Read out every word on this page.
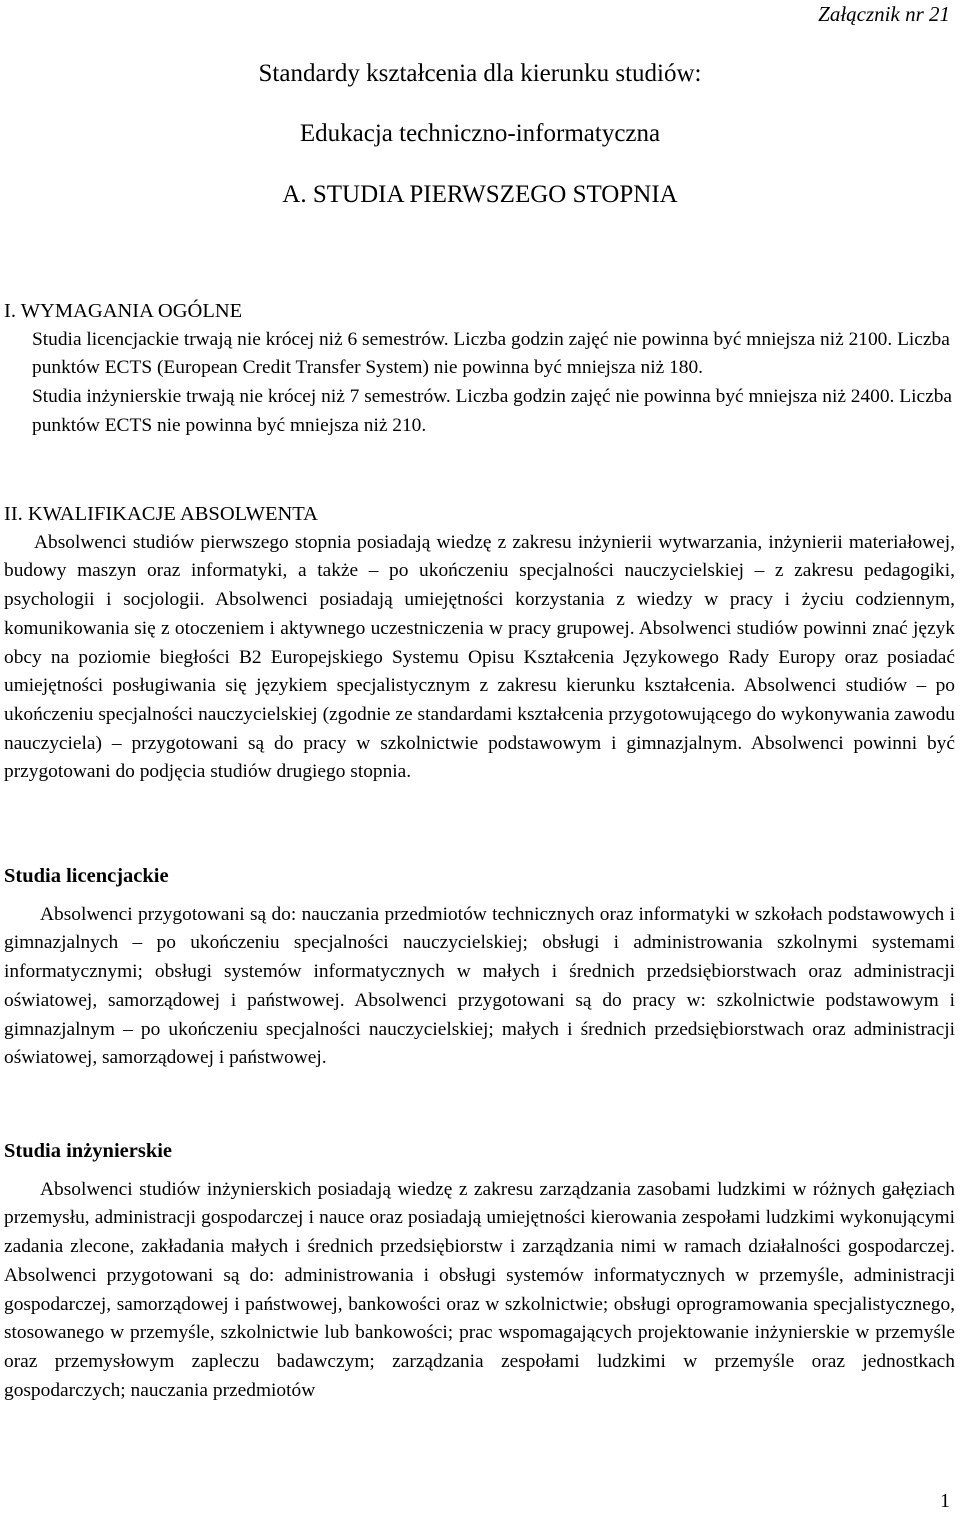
Załącznik nr 21
Standardy kształcenia dla kierunku studiów:
Edukacja techniczno-informatyczna
A. STUDIA PIERWSZEGO STOPNIA

I. WYMAGANIA OGÓLNE

Studia licencjackie trwają nie krócej niż 6 semestrów. Liczba godzin zajęć nie powinna być mniejsza niż 2100. Liczba punktów ECTS (European Credit Transfer System) nie powinna być mniejsza niż 180.

Studia inżynierskie trwają nie krócej niż 7 semestrów. Liczba godzin zajęć nie powinna być mniejsza niż 2400. Liczba punktów ECTS nie powinna być mniejsza niż 210.

II. KWALIFIKACJE ABSOLWENTA

Absolwenci studiów pierwszego stopnia posiadają wiedzę z zakresu inżynierii wytwarzania, inżynierii materiałowej, budowy maszyn oraz informatyki, a także – po ukończeniu specjalności nauczycielskiej – z zakresu pedagogiki, psychologii i socjologii. Absolwenci posiadają umiejętności korzystania z wiedzy w pracy i życiu codziennym, komunikowania się z otoczeniem i aktywnego uczestniczenia w pracy grupowej. Absolwenci studiów powinni znać język obcy na poziomie biegłości B2 Europejskiego Systemu Opisu Kształcenia Językowego Rady Europy oraz posiadać umiejętności posługiwania się językiem specjalistycznym z zakresu kierunku kształcenia. Absolwenci studiów – po ukończeniu specjalności nauczycielskiej (zgodnie ze standardami kształcenia przygotowującego do wykonywania zawodu nauczyciela) – przygotowani są do pracy w szkolnictwie podstawowym i gimnazjalnym. Absolwenci powinni być przygotowani do podjęcia studiów drugiego stopnia.

Studia licencjackie

Absolwenci przygotowani są do: nauczania przedmiotów technicznych oraz informatyki w szkołach podstawowych i gimnazjalnych – po ukończeniu specjalności nauczycielskiej; obsługi i administrowania szkolnymi systemami informatycznymi; obsługi systemów informatycznych w małych i średnich przedsiębiorstwach oraz administracji oświatowej, samorządowej i państwowej. Absolwenci przygotowani są do pracy w: szkolnictwie podstawowym i gimnazjalnym – po ukończeniu specjalności nauczycielskiej; małych i średnich przedsiębiorstwach oraz administracji oświatowej, samorządowej i państwowej.

Studia inżynierskie

Absolwenci studiów inżynierskich posiadają wiedzę z zakresu zarządzania zasobami ludzkimi w różnych gałęziach przemysłu, administracji gospodarczej i nauce oraz posiadają umiejętności kierowania zespołami ludzkimi wykonującymi zadania zlecone, zakładania małych i średnich przedsiębiorstw i zarządzania nimi w ramach działalności gospodarczej. Absolwenci przygotowani są do: administrowania i obsługi systemów informatycznych w przemyśle, administracji gospodarczej, samorządowej i państwowej, bankowości oraz w szkolnictwie; obsługi oprogramowania specjalistycznego, stosowanego w przemyśle, szkolnictwie lub bankowości; prac wspomagających projektowanie inżynierskie w przemyśle oraz przemysłowym zapleczu badawczym; zarządzania zespołami ludzkimi w przemyśle oraz jednostkach gospodarczych; nauczania przedmiotów

1
